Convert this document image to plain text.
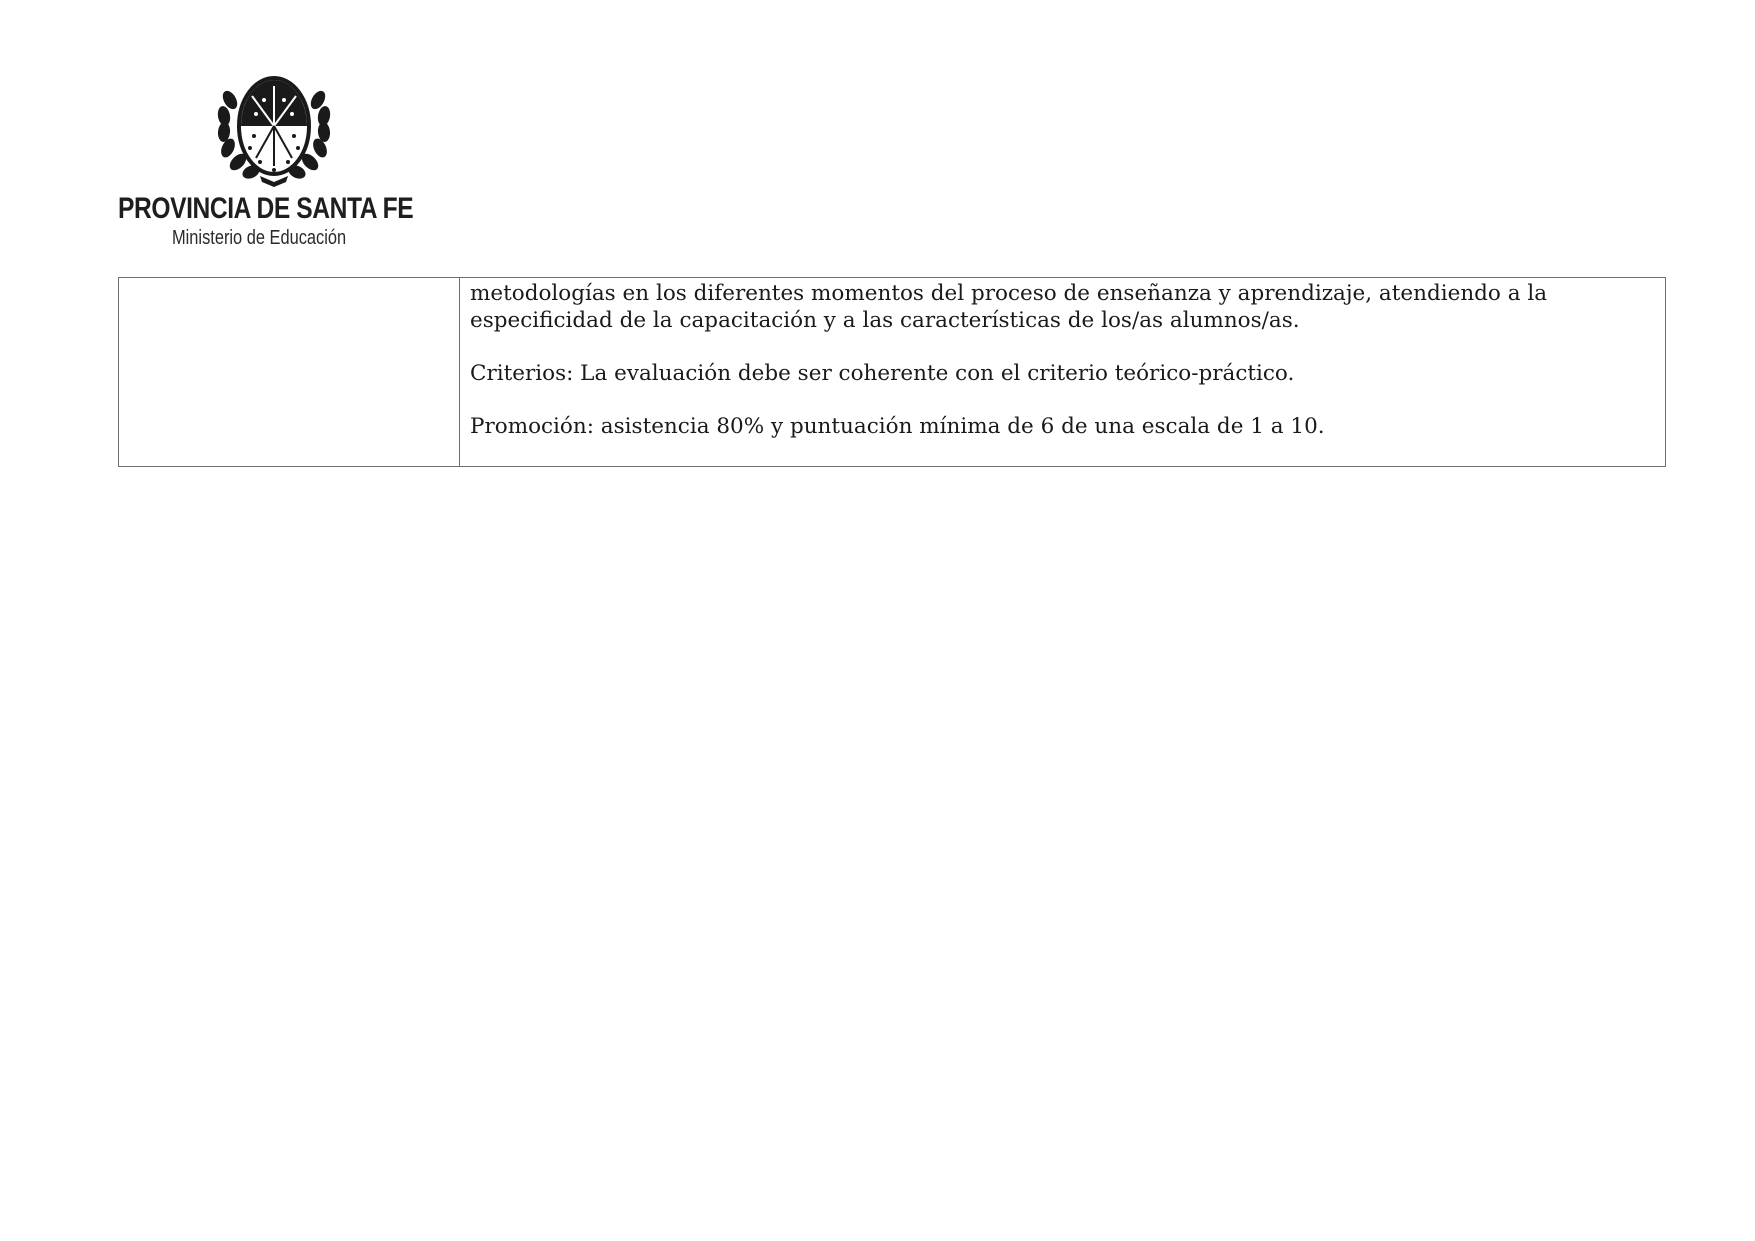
PROVINCIA DE SANTA FE
Ministerio de Educación

metodologías en los diferentes momentos del proceso de enseñanza y aprendizaje, atendiendo a la especificidad de la capacitación y a las características de los/as alumnos/as.

Criterios: La evaluación debe ser coherente con el criterio teórico-práctico.

Promoción: asistencia 80% y puntuación mínima de 6 de una escala de 1 a 10.
